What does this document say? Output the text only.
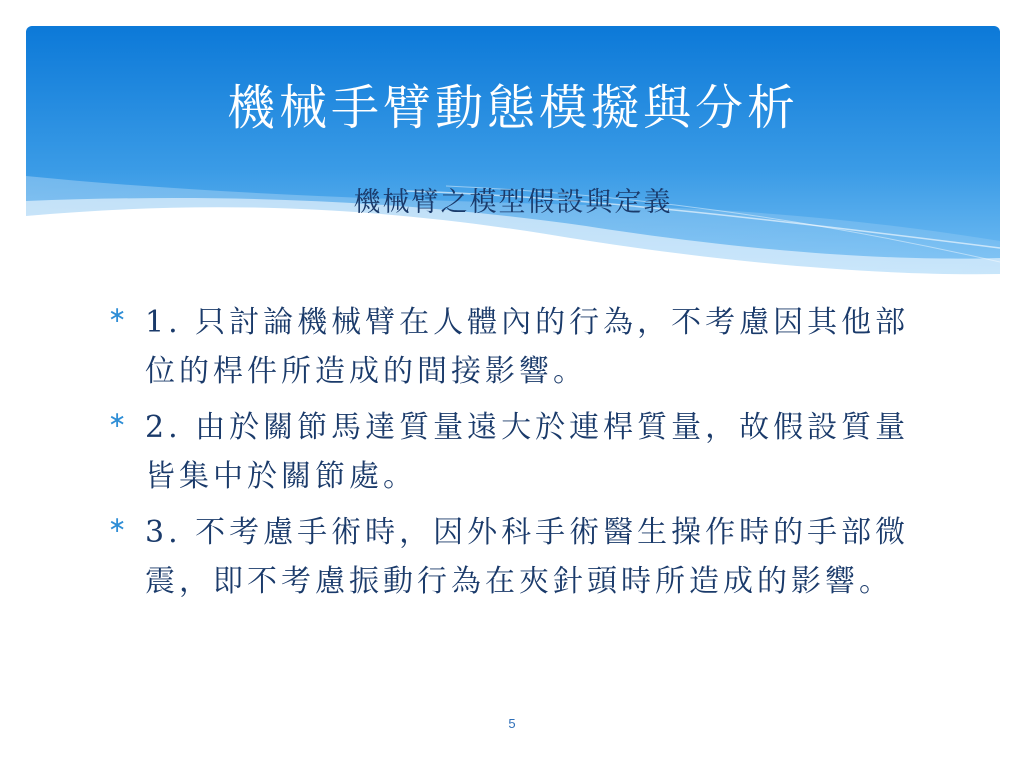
機械手臂動態模擬與分析
機械臂之模型假設與定義
∗ 1. 只討論機械臂在人體內的行為，不考慮因其他部位的桿件所造成的間接影響。
∗ 2. 由於關節馬達質量遠大於連桿質量，故假設質量皆集中於關節處。
∗ 3. 不考慮手術時，因外科手術醫生操作時的手部微震，即不考慮振動行為在夾針頭時所造成的影響。
5
